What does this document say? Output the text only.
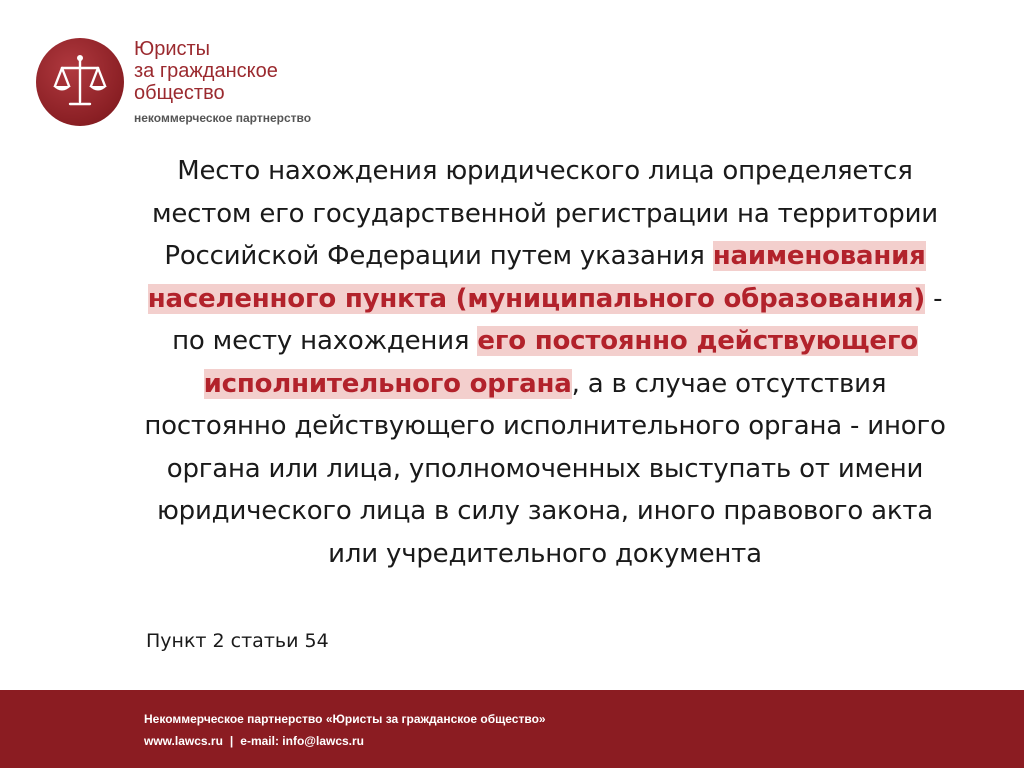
Юристы
за гражданское
общество
некоммерческое партнерство
Место нахождения юридического лица определяется местом его государственной регистрации на территории Российской Федерации путем указания наименования населенного пункта (муниципального образования) - по месту нахождения его постоянно действующего исполнительного органа, а в случае отсутствия постоянно действующего исполнительного органа - иного органа или лица, уполномоченных выступать от имени юридического лица в силу закона, иного правового акта или учредительного документа
Пункт 2 статьи 54
Некоммерческое партнерство «Юристы за гражданское общество»
www.lawcs.ru | e-mail: info@lawcs.ru
